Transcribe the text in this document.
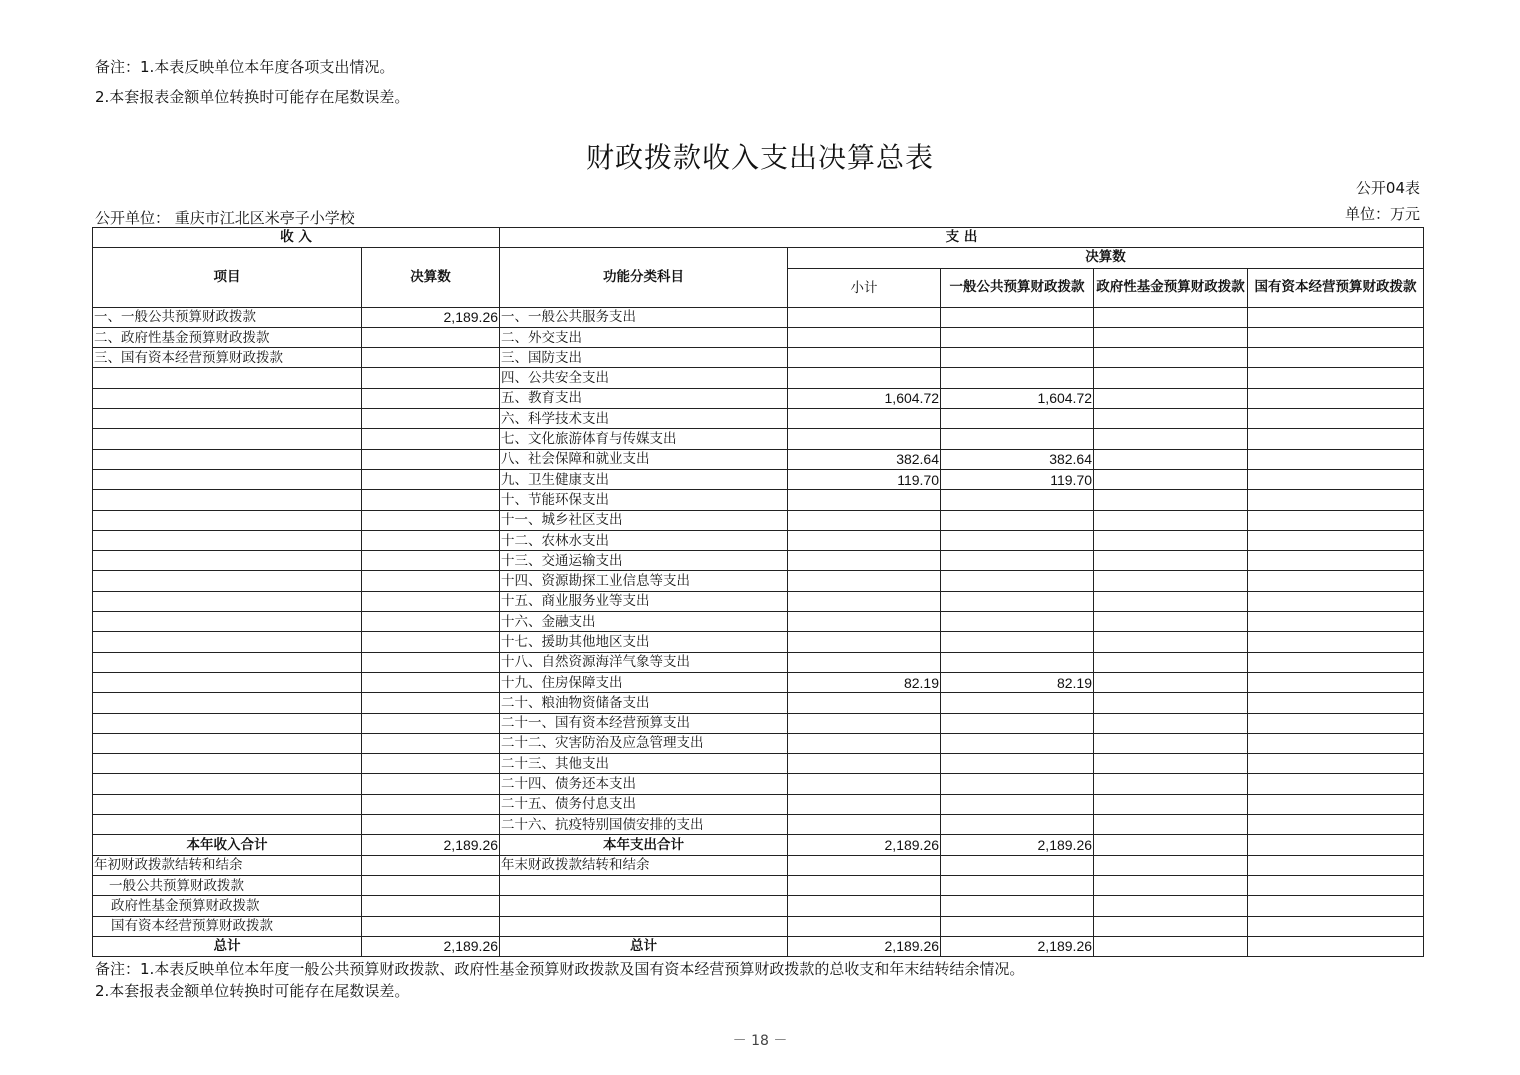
备注：1.本表反映单位本年度各项支出情况。
2.本套报表金额单位转换时可能存在尾数误差。
财政拨款收入支出决算总表
公开04表
公开单位： 重庆市江北区米亭子小学校	单位：万元
收 入		支 出				
项目	决算数	功能分类科目	决算数			
			小计	一般公共预算财政拨款	政府性基金预算财政拨款	国有资本经营预算财政拨款
一、一般公共预算财政拨款	2,189.26	一、一般公共服务支出				
二、政府性基金预算财政拨款		二、外交支出				
三、国有资本经营预算财政拨款		三、国防支出				
		四、公共安全支出				
		五、教育支出	1,604.72	1,604.72		
		六、科学技术支出				
		七、文化旅游体育与传媒支出				
		八、社会保障和就业支出	382.64	382.64		
		九、卫生健康支出	119.70	119.70		
		十、节能环保支出				
		十一、城乡社区支出				
		十二、农林水支出				
		十三、交通运输支出				
		十四、资源勘探工业信息等支出				
		十五、商业服务业等支出				
		十六、金融支出				
		十七、援助其他地区支出				
		十八、自然资源海洋气象等支出				
		十九、住房保障支出	82.19	82.19		
		二十、粮油物资储备支出				
		二十一、国有资本经营预算支出				
		二十二、灾害防治及应急管理支出				
		二十三、其他支出				
		二十四、债务还本支出				
		二十五、债务付息支出				
		二十六、抗疫特别国债安排的支出				
本年收入合计	2,189.26	本年支出合计	2,189.26	2,189.26		
年初财政拨款结转和结余		年末财政拨款结转和结余				
一般公共预算财政拨款						
政府性基金预算财政拨款						
国有资本经营预算财政拨款						
总计	2,189.26	总计	2,189.26	2,189.26		
备注：1.本表反映单位本年度一般公共预算财政拨款、政府性基金预算财政拨款及国有资本经营预算财政拨款的总收支和年末结转结余情况。
2.本套报表金额单位转换时可能存在尾数误差。
－ 18 －
